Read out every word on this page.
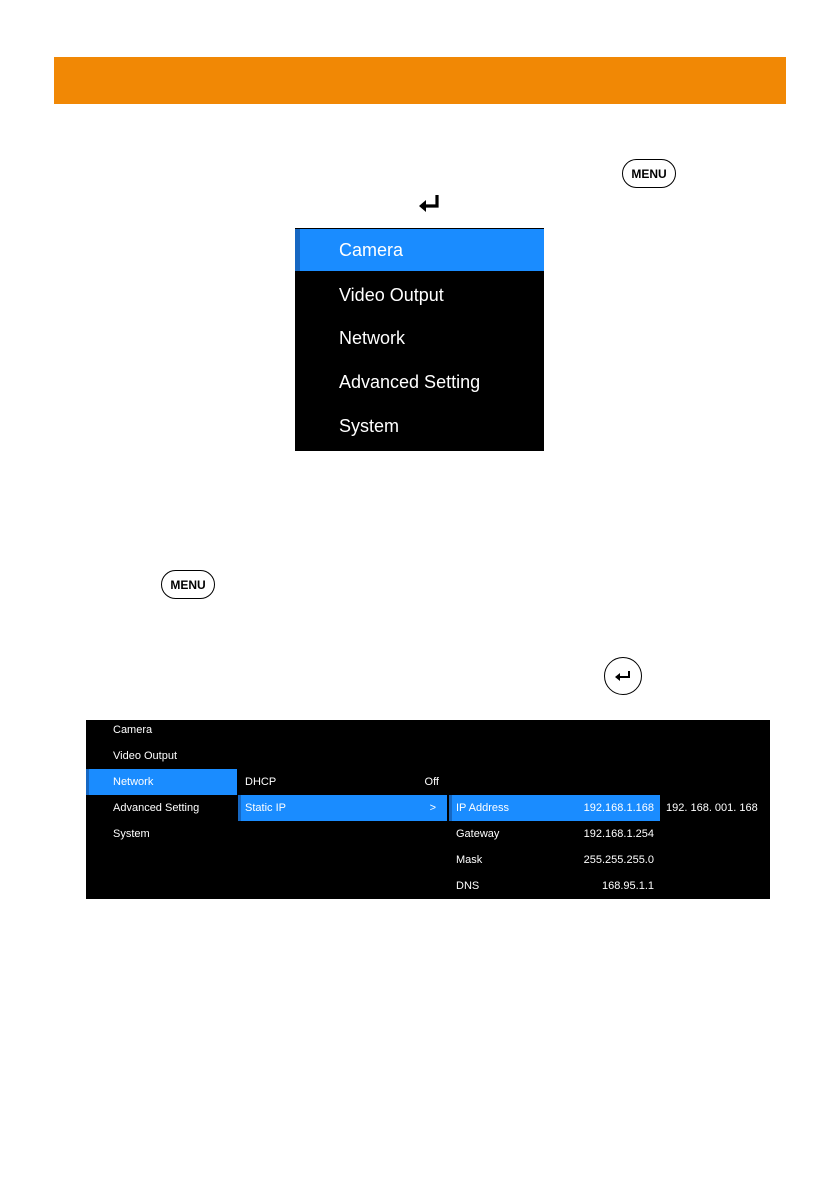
MENU
Camera
Video Output
Network
Advanced Setting
System
MENU
Camera
Video Output
Network
Advanced Setting
System
DHCP	Off
Static IP	>	IP Address	192.168.1.168
Gateway	192.168.1.254
Mask	255.255.255.0
DNS	168.95.1.1
192. 168. 001. 168
